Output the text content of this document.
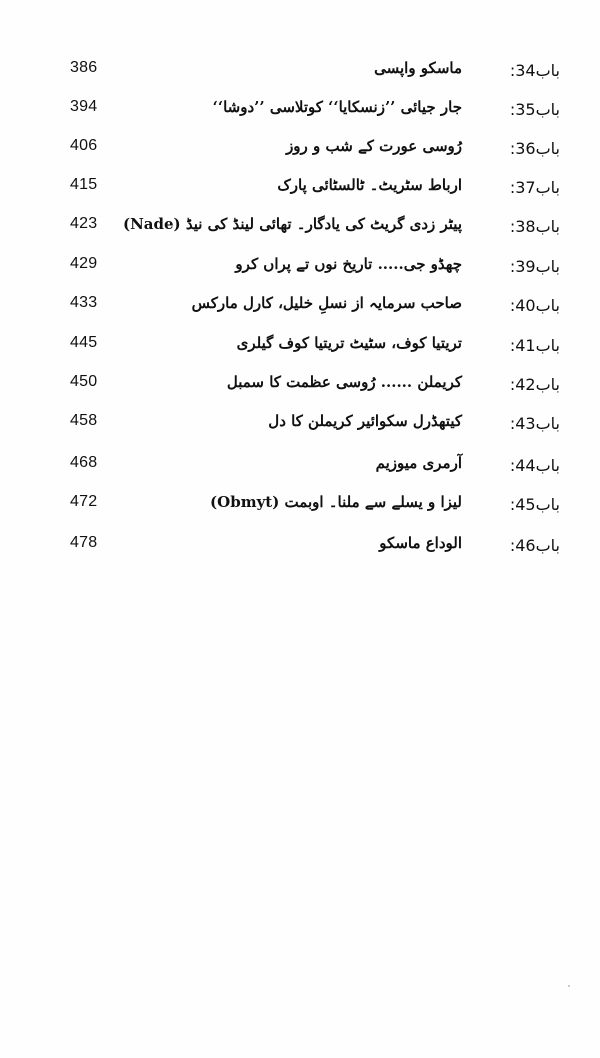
386	ماسکو واپسی	باب34:
394	جار جیائی ’’زنسکایا‘‘ کوتلاسی ’’دوشا‘‘	باب35:
406	رُوسی عورت کے شب و روز	باب36:
415	ارباط سٹریٹ۔ ٹالسٹائی پارک	باب37:
423 پیٹر زدی گریٹ کی یادگار۔ تھائی لینڈ کی نیڈ (Nade)	باب38:
429	چھڈو جی..... تاریخ نوں تے پراں کرو	باب39:
433	صاحب سرمایہ از نسلِ خلیل، کارل مارکس	باب40:
445	تریتیا کوف، سٹیٹ تریتیا کوف گیلری	باب41:
450	کریملن ...... رُوسی عظمت کا سمبل	باب42:
458	کیتھڈرل سکوائیر کریملن کا دل	باب43:
468	آرمری میوزیم	باب44:
472	لیزا و یسلے سے ملنا۔ اوبمت (Obmyt)	باب45:
478	الوداع ماسکو	باب46:
